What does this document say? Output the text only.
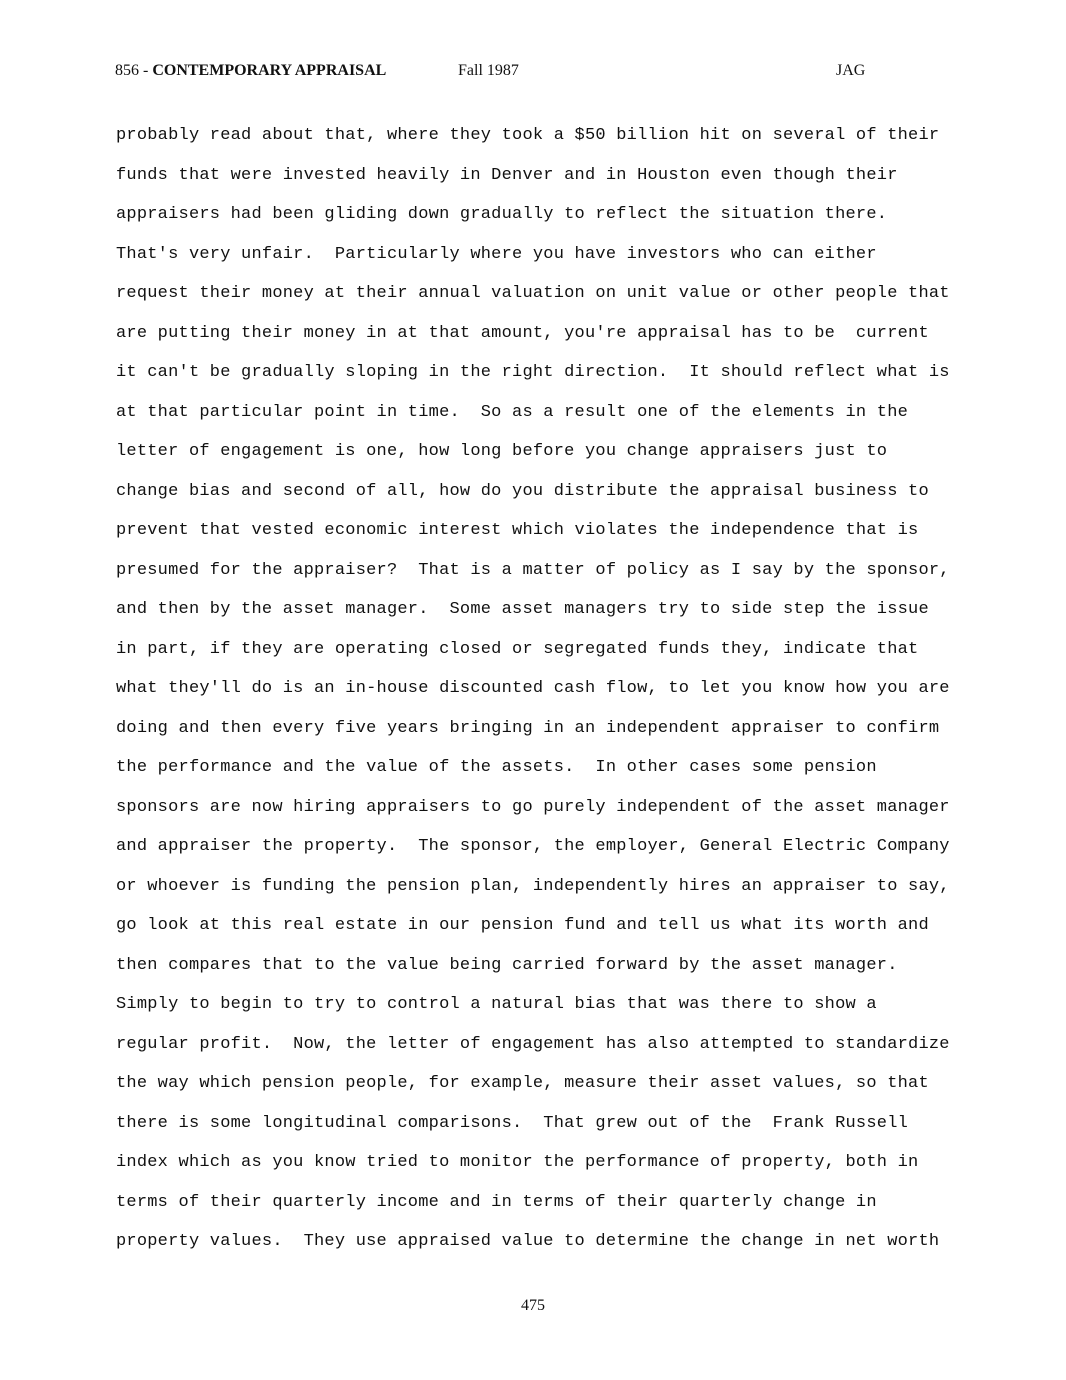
856 - CONTEMPORARY APPRAISAL	Fall 1987	JAG
probably read about that, where they took a $50 billion hit on several of their
funds that were invested heavily in Denver and in Houston even though their
appraisers had been gliding down gradually to reflect the situation there.
That's very unfair.  Particularly where you have investors who can either
request their money at their annual valuation on unit value or other people that
are putting their money in at that amount, you're appraisal has to be  current
it can't be gradually sloping in the right direction.  It should reflect what is
at that particular point in time.  So as a result one of the elements in the
letter of engagement is one, how long before you change appraisers just to
change bias and second of all, how do you distribute the appraisal business to
prevent that vested economic interest which violates the independence that is
presumed for the appraiser?  That is a matter of policy as I say by the sponsor,
and then by the asset manager.  Some asset managers try to side step the issue
in part, if they are operating closed or segregated funds they, indicate that
what they'll do is an in-house discounted cash flow, to let you know how you are
doing and then every five years bringing in an independent appraiser to confirm
the performance and the value of the assets.  In other cases some pension
sponsors are now hiring appraisers to go purely independent of the asset manager
and appraiser the property.  The sponsor, the employer, General Electric Company
or whoever is funding the pension plan, independently hires an appraiser to say,
go look at this real estate in our pension fund and tell us what its worth and
then compares that to the value being carried forward by the asset manager.
Simply to begin to try to control a natural bias that was there to show a
regular profit.  Now, the letter of engagement has also attempted to standardize
the way which pension people, for example, measure their asset values, so that
there is some longitudinal comparisons.  That grew out of the  Frank Russell
index which as you know tried to monitor the performance of property, both in
terms of their quarterly income and in terms of their quarterly change in
property values.  They use appraised value to determine the change in net worth
475
